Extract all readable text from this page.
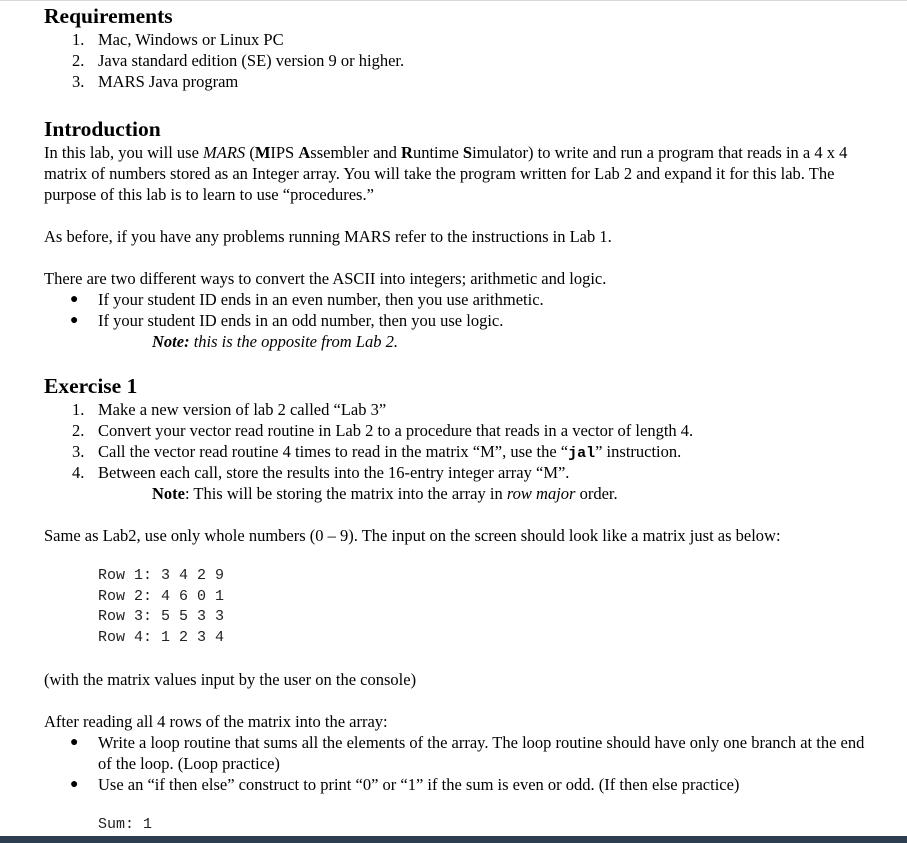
Requirements
1. Mac, Windows or Linux PC
2. Java standard edition (SE) version 9 or higher.
3. MARS Java program
Introduction

In this lab, you will use MARS (MIPS Assembler and Runtime Simulator) to write and run a program that reads in a 4 x 4 matrix of numbers stored as an Integer array. You will take the program written for Lab 2 and expand it for this lab. The purpose of this lab is to learn to use “procedures.”

As before, if you have any problems running MARS refer to the instructions in Lab 1.

There are two different ways to convert the ASCII into integers; arithmetic and logic.

● If your student ID ends in an even number, then you use arithmetic.
● If your student ID ends in an odd number, then you use logic.

Note: this is the opposite from Lab 2.

Exercise 1
1. Make a new version of lab 2 called “Lab 3”
2. Convert your vector read routine in Lab 2 to a procedure that reads in a vector of length 4.
3. Call the vector read routine 4 times to read in the matrix “M”, use the “jal” instruction.
4. Between each call, store the results into the 16-entry integer array “M”.

Note: This will be storing the matrix into the array in row major order.

Same as Lab2, use only whole numbers (0 – 9). The input on the screen should look like a matrix just as below:

Row 1: 3 4 2 9
Row 2: 4 6 0 1
Row 3: 5 5 3 3
Row 4: 1 2 3 4

(with the matrix values input by the user on the console)

After reading all 4 rows of the matrix into the array:

● Write a loop routine that sums all the elements of the array. The loop routine should have only one branch at the end of the loop. (Loop practice)
● Use an “if then else” construct to print “0” or “1” if the sum is even or odd. (If then else practice)
Sum: 1
